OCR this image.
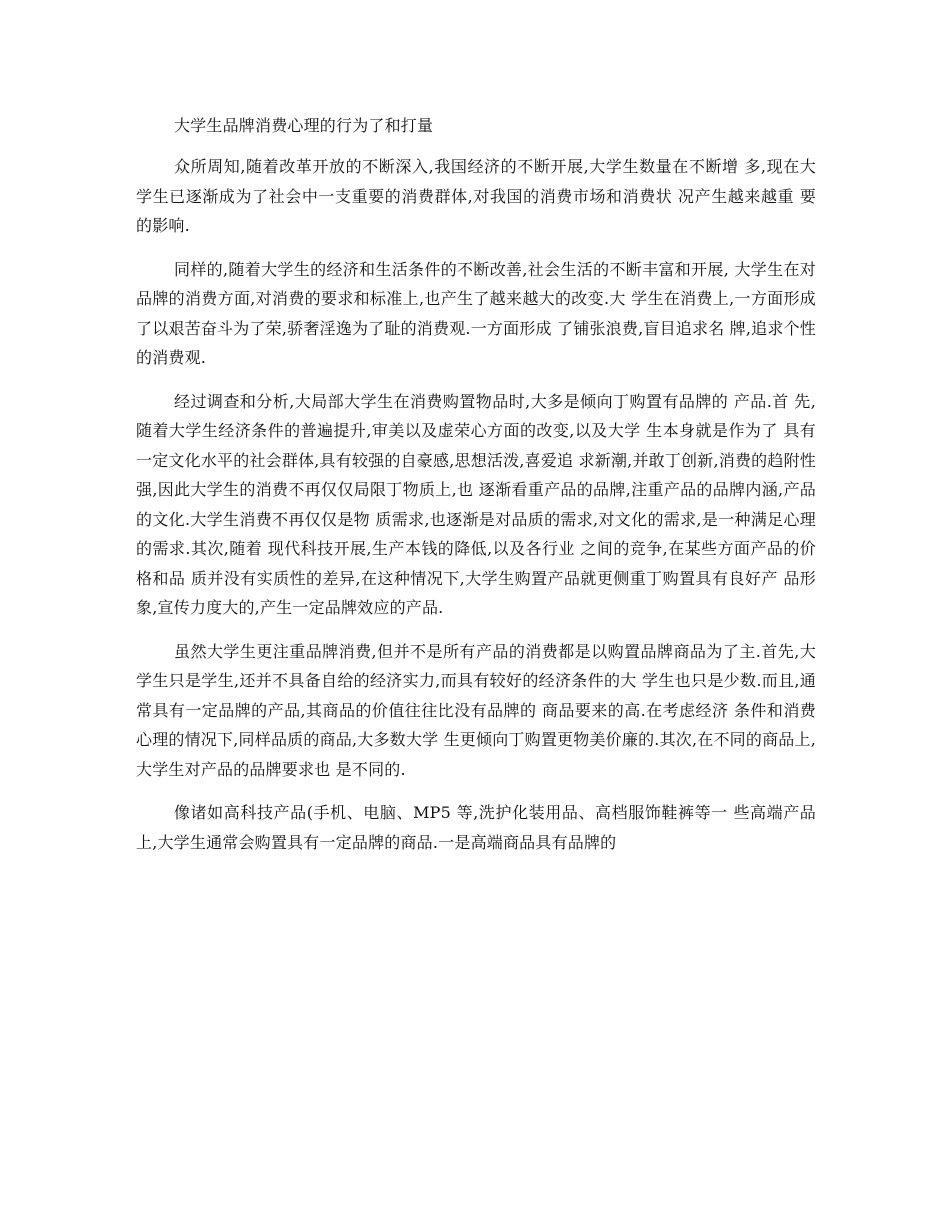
大学生品牌消费心理的行为了和打量

众所周知,随着改革开放的不断深入,我国经济的不断开展,大学生数量在不断增 多,现在大学生已逐渐成为了社会中一支重要的消费群体,对我国的消费市场和消费状 况产生越来越重 要的影响.

同样的,随着大学生的经济和生活条件的不断改善,社会生活的不断丰富和开展, 大学生在对品牌的消费方面,对消费的要求和标准上,也产生了越来越大的改变.大 学生在消费上,一方面形成了以艰苦奋斗为了荣,骄奢淫逸为了耻的消费观.一方面形成 了铺张浪费,盲目追求名 牌,追求个性的消费观.

经过调查和分析,大局部大学生在消费购置物品时,大多是倾向丁购置有品牌的 产品.首 先,随着大学生经济条件的普遍提升,审美以及虚荣心方面的改变,以及大学 生本身就是作为了 具有一定文化水平的社会群体,具有较强的自豪感,思想活泼,喜爱追 求新潮,并敢丁创新,消费的趋附性强,因此大学生的消费不再仅仅局限丁物质上,也 逐渐看重产品的品牌,注重产品的品牌内涵,产品的文化.大学生消费不再仅仅是物 质需求,也逐渐是对品质的需求,对文化的需求,是一种满足心理的需求.其次,随着 现代科技开展,生产本钱的降低,以及各行业 之间的竞争,在某些方面产品的价格和品 质并没有实质性的差异,在这种情况下,大学生购置产品就更侧重丁购置具有良好产 品形象,宣传力度大的,产生一定品牌效应的产品.

虽然大学生更注重品牌消费,但并不是所有产品的消费都是以购置品牌商品为了主.首先,大学生只是学生,还并不具备自给的经济实力,而具有较好的经济条件的大 学生也只是少数.而且,通常具有一定品牌的产品,其商品的价值往往比没有品牌的 商品要来的高.在考虑经济 条件和消费心理的情况下,同样品质的商品,大多数大学 生更倾向丁购置更物美价廉的.其次,在不同的商品上,大学生对产品的品牌要求也 是不同的.

像诸如高科技产品(手机、电脑、MP5 等,洗护化装用品、高档服饰鞋裤等一 些高端产品上,大学生通常会购置具有一定品牌的商品.一是高端商品具有品牌的
